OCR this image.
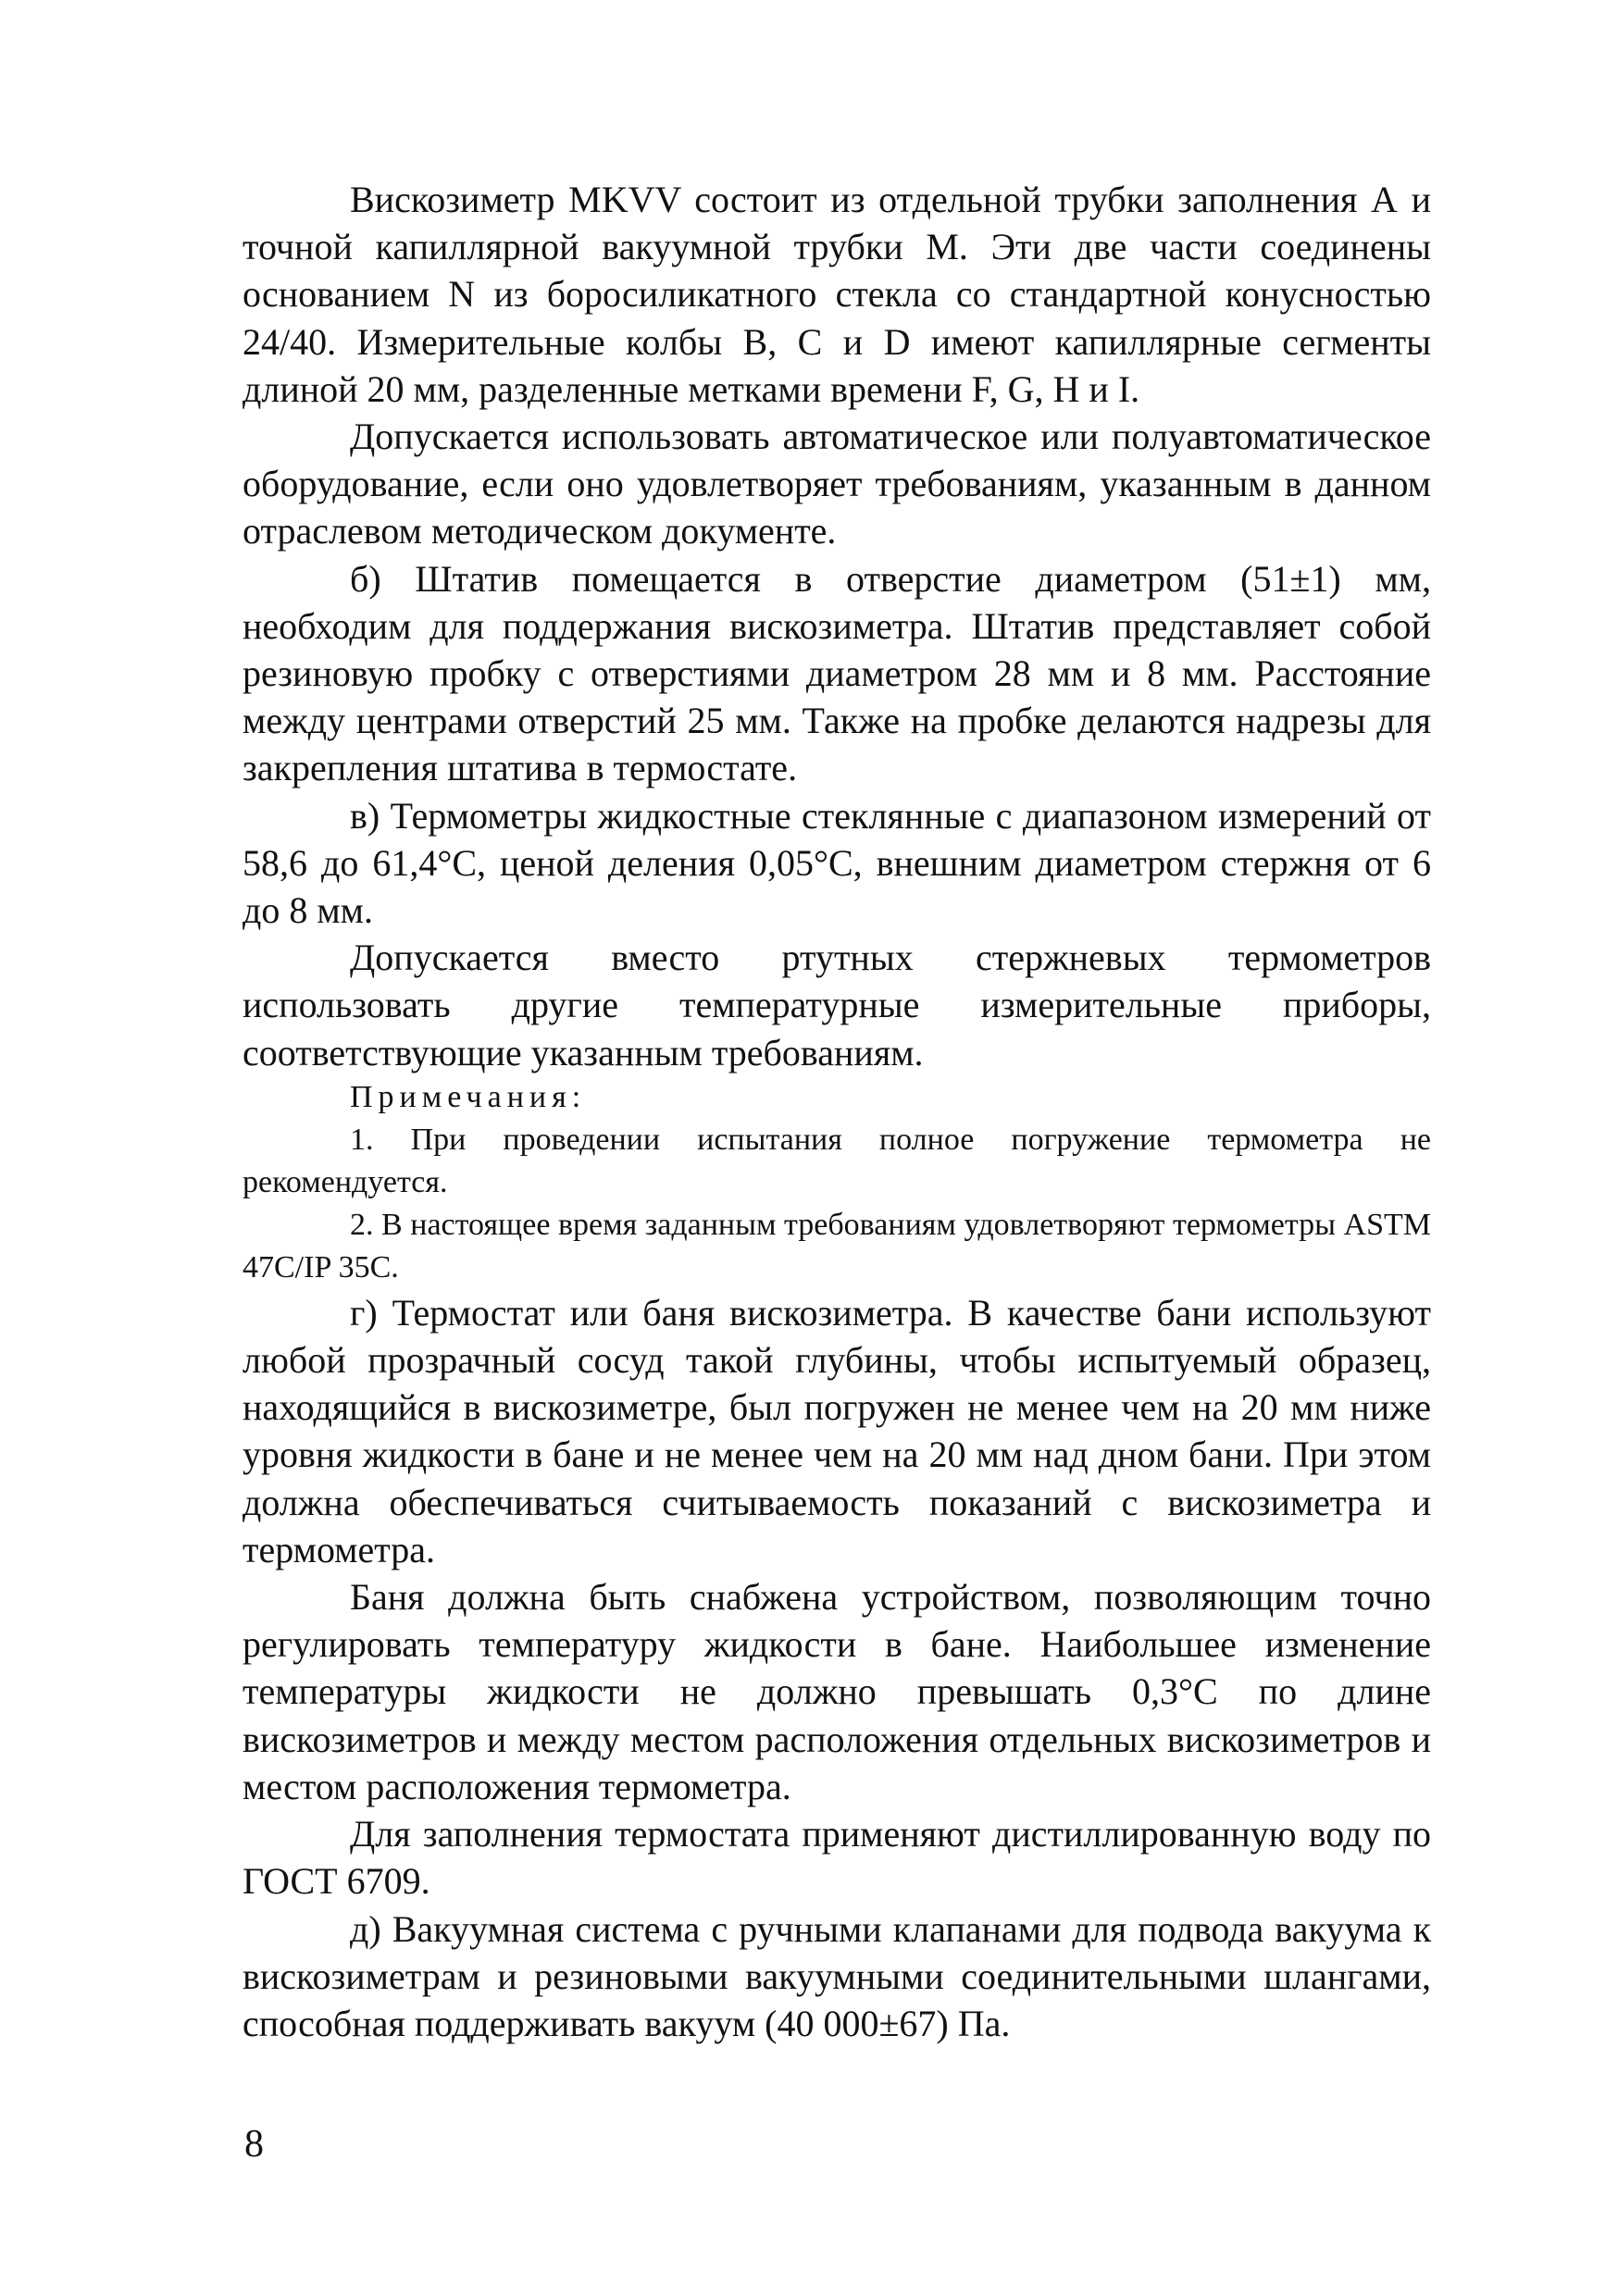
Вискозиметр MKVV состоит из отдельной трубки заполнения А и точной капиллярной вакуумной трубки М. Эти две части соединены основанием N из боросиликатного стекла со стандартной конусностью 24/40. Измерительные колбы В, С и D имеют капиллярные сегменты длиной 20 мм, разделенные метками времени F, G, Н и I.

Допускается использовать автоматическое или полуавтоматическое оборудование, если оно удовлетворяет требованиям, указанным в данном отраслевом методическом документе.

б) Штатив помещается в отверстие диаметром (51±1) мм, необходим для поддержания вискозиметра. Штатив представляет собой резиновую пробку с отверстиями диаметром 28 мм и 8 мм. Расстояние между центрами отверстий 25 мм. Также на пробке делаются надрезы для закрепления штатива в термостате.

в) Термометры жидкостные стеклянные с диапазоном измерений от 58,6 до 61,4°С, ценой деления 0,05°С, внешним диаметром стержня от 6 до 8 мм.

Допускается вместо ртутных стержневых термометров использовать другие температурные измерительные приборы, соответствующие указанным требованиям.

Примечания:

1. При проведении испытания полное погружение термометра не рекомендуется.

2. В настоящее время заданным требованиям удовлетворяют термометры ASTM 47C/IP 35C.

г) Термостат или баня вискозиметра. В качестве бани используют любой прозрачный сосуд такой глубины, чтобы испытуемый образец, находящийся в вискозиметре, был погружен не менее чем на 20 мм ниже уровня жидкости в бане и не менее чем на 20 мм над дном бани. При этом должна обеспечиваться считываемость показаний с вискозиметра и термометра.

Баня должна быть снабжена устройством, позволяющим точно регулировать температуру жидкости в бане. Наибольшее изменение температуры жидкости не должно превышать 0,3°С по длине вискозиметров и между местом расположения отдельных вискозиметров и местом расположения термометра.

Для заполнения термостата применяют дистиллированную воду по ГОСТ 6709.

д) Вакуумная система с ручными клапанами для подвода вакуума к вискозиметрам и резиновыми вакуумными соединительными шлангами, способная поддерживать вакуум (40 000±67) Па.

8
